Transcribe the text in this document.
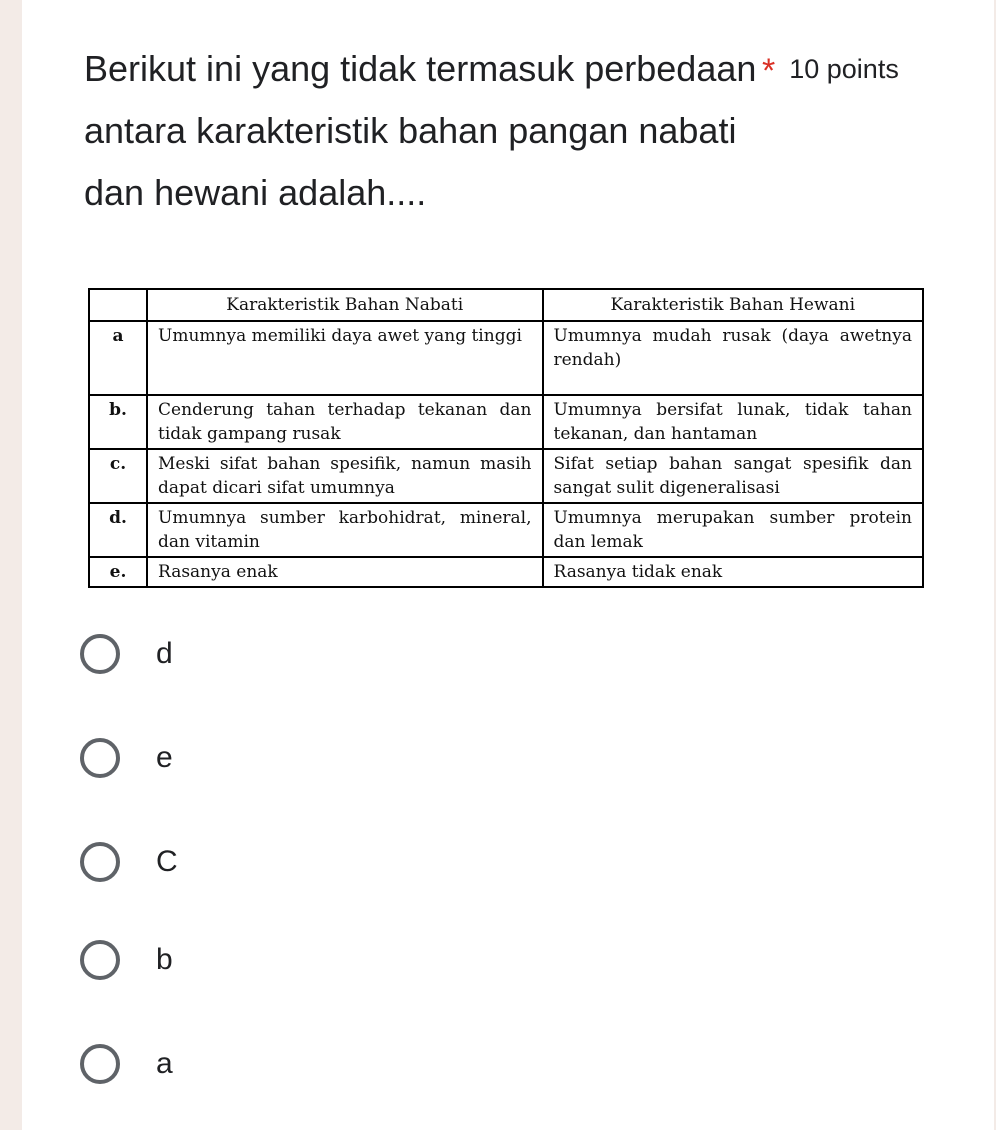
Berikut ini yang tidak termasuk perbedaan antara karakteristik bahan pangan nabati dan hewani adalah....
* 10 points
	Karakteristik Bahan Nabati	Karakteristik Bahan Hewani
a	Umumnya memiliki daya awet yang tinggi	Umumnya mudah rusak (daya awetnya rendah)
b.	Cenderung tahan terhadap tekanan dan tidak gampang rusak	Umumnya bersifat lunak, tidak tahan tekanan, dan hantaman
c.	Meski sifat bahan spesifik, namun masih dapat dicari sifat umumnya	Sifat setiap bahan sangat spesifik dan sangat sulit digeneralisasi
d.	Umumnya sumber karbohidrat, mineral, dan vitamin	Umumnya merupakan sumber protein dan lemak
e.	Rasanya enak	Rasanya tidak enak
d
e
C
b
a
